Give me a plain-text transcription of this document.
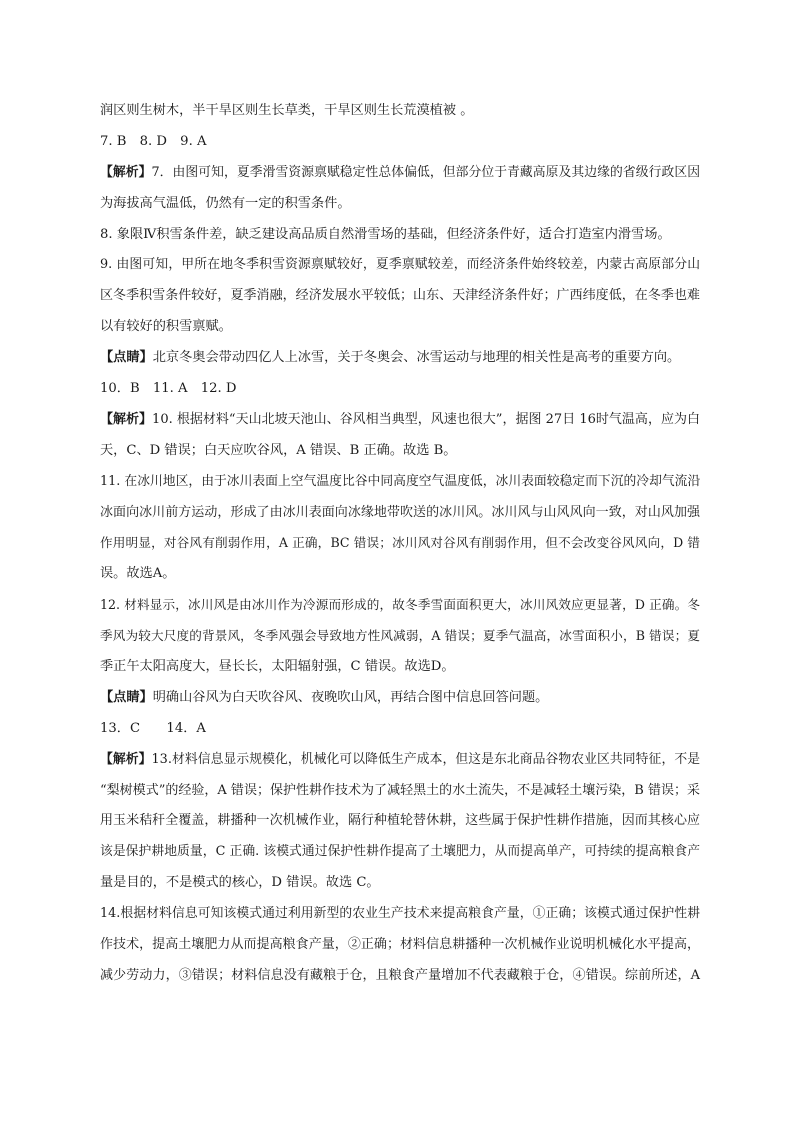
润区则生树木，半干旱区则生长草类，干旱区则生长荒漠植被 。
7. B　8. D　9. A
【解析】7．由图可知，夏季滑雪资源禀赋稳定性总体偏低，但部分位于青藏高原及其边缘的省级行政区因
为海拔高气温低，仍然有一定的积雪条件。
8. 象限Ⅳ积雪条件差，缺乏建设高品质自然滑雪场的基础，但经济条件好，适合打造室内滑雪场。
9. 由图可知，甲所在地冬季积雪资源禀赋较好，夏季禀赋较差，而经济条件始终较差，内蒙古高原部分山
区冬季积雪条件较好，夏季消融，经济发展水平较低；山东、天津经济条件好；广西纬度低，在冬季也难
以有较好的积雪禀赋。
【点睛】北京冬奥会带动四亿人上冰雪，关于冬奥会、冰雪运动与地理的相关性是高考的重要方向。
10．B　11. A　12. D
【解析】10. 根据材料“天山北坡天池山、谷风相当典型，风速也很大”，据图 27日 16时气温高，应为白
天，C、D 错误；白天应吹谷风，A 错误、B 正确。故选 B。
11. 在冰川地区，由于冰川表面上空气温度比谷中同高度空气温度低，冰川表面较稳定而下沉的冷却气流沿
冰面向冰川前方运动，形成了由冰川表面向冰缘地带吹送的冰川风。冰川风与山风风向一致，对山风加强
作用明显，对谷风有削弱作用，A 正确，BC 错误；冰川风对谷风有削弱作用，但不会改变谷风风向，D 错
误。故选A。
12. 材料显示，冰川风是由冰川作为冷源而形成的，故冬季雪面面积更大，冰川风效应更显著，D 正确。冬
季风为较大尺度的背景风，冬季风强会导致地方性风减弱，A 错误；夏季气温高，冰雪面积小，B 错误；夏
季正午太阳高度大，昼长长，太阳辐射强，C 错误。故选D。
【点睛】明确山谷风为白天吹谷风、夜晚吹山风，再结合图中信息回答问题。
13．C　　14．A
【解析】13.材料信息显示规模化，机械化可以降低生产成本，但这是东北商品谷物农业区共同特征，不是
“梨树模式”的经验，A 错误；保护性耕作技术为了减轻黑土的水土流失，不是减轻土壤污染，B 错误；采
用玉米秸秆全覆盖，耕播种一次机械作业，隔行种植轮替休耕，这些属于保护性耕作措施，因而其核心应
该是保护耕地质量，C 正确. 该模式通过保护性耕作提高了土壤肥力，从而提高单产，可持续的提高粮食产
量是目的，不是模式的核心，D 错误。故选 C。
14.根据材料信息可知该模式通过利用新型的农业生产技术来提高粮食产量，①正确；该模式通过保护性耕
作技术，提高土壤肥力从而提高粮食产量，②正确；材料信息耕播种一次机械作业说明机械化水平提高，
减少劳动力，③错误；材料信息没有藏粮于仓，且粮食产量增加不代表藏粮于仓，④错误。综前所述，A
